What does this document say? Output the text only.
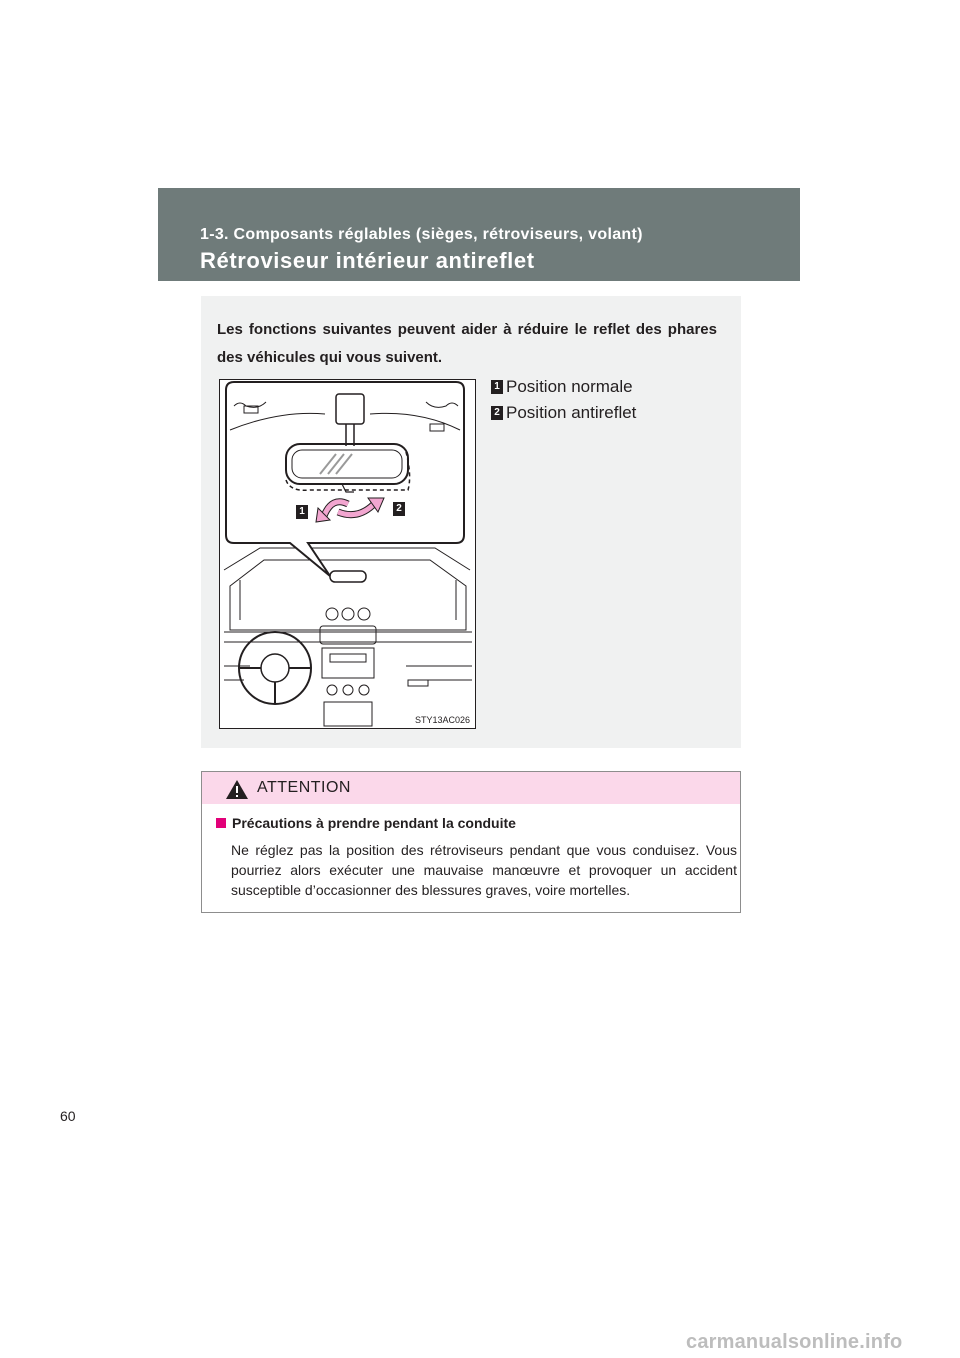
1-3. Composants réglables (sièges, rétroviseurs, volant)
Rétroviseur intérieur antireflet
Les fonctions suivantes peuvent aider à réduire le reflet des phares des véhicules qui vous suivent.
1	2
STY13AC026
1 Position normale
2 Position antireflet
ATTENTION
Précautions à prendre pendant la conduite
Ne réglez pas la position des rétroviseurs pendant que vous conduisez. Vous pourriez alors exécuter une mauvaise manœuvre et provoquer un accident susceptible d’occasionner des blessures graves, voire mortelles.
60
carmanualsonline.info
